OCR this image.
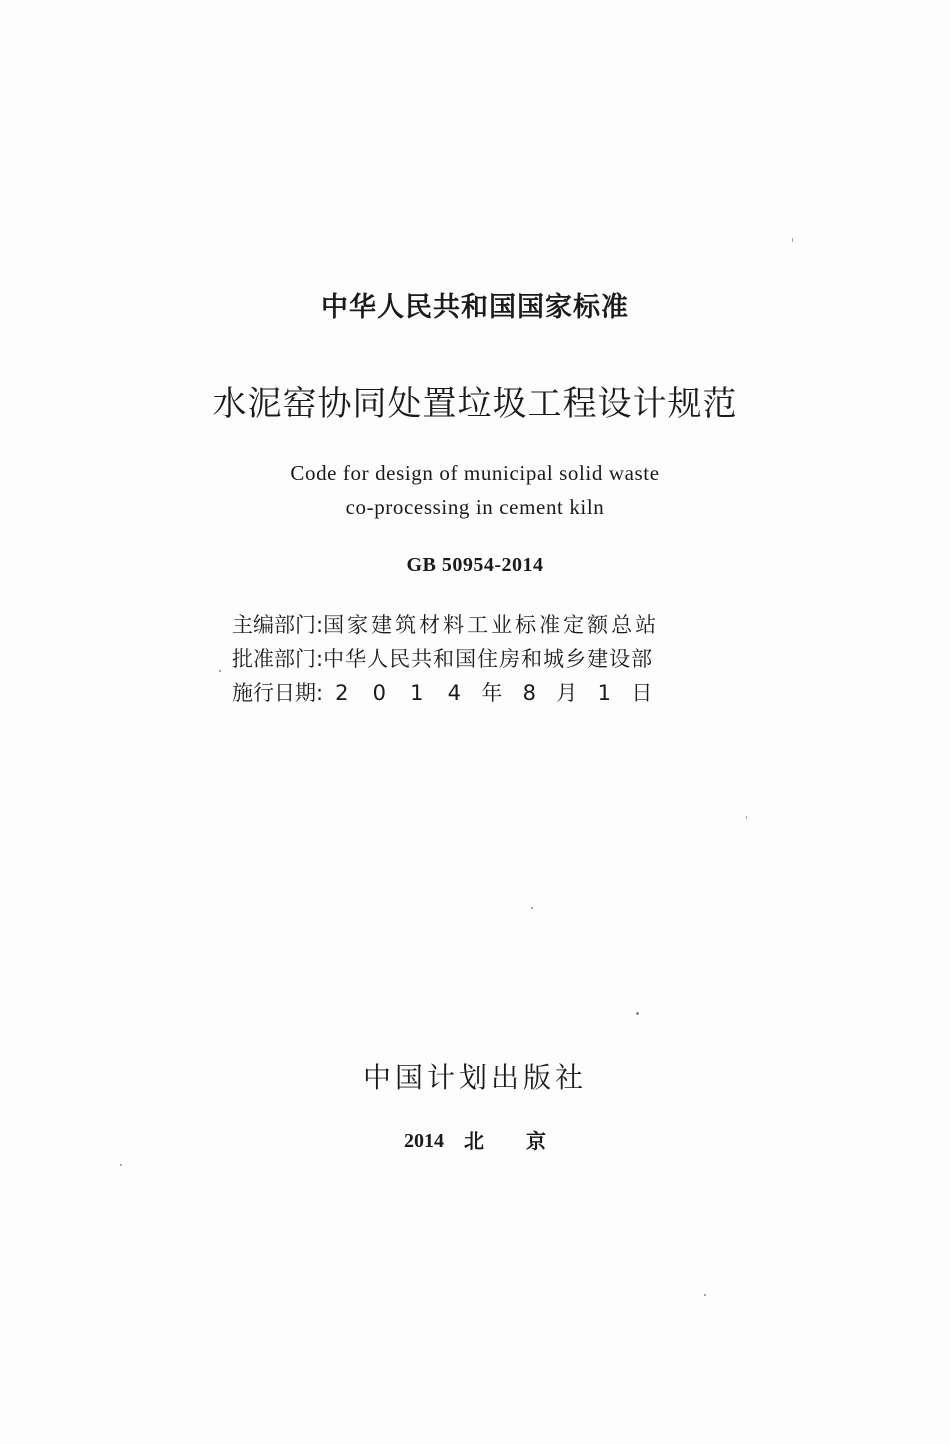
中华人民共和国国家标准
水泥窑协同处置垃圾工程设计规范
Code for design of municipal solid waste
co-processing in cement kiln
GB 50954-2014
主编部门: 国家建筑材料工业标准定额总站
批准部门: 中华人民共和国住房和城乡建设部
施行日期: 2	0	1	4 年 8 月 1 日
中国计划出版社
2014 北京
